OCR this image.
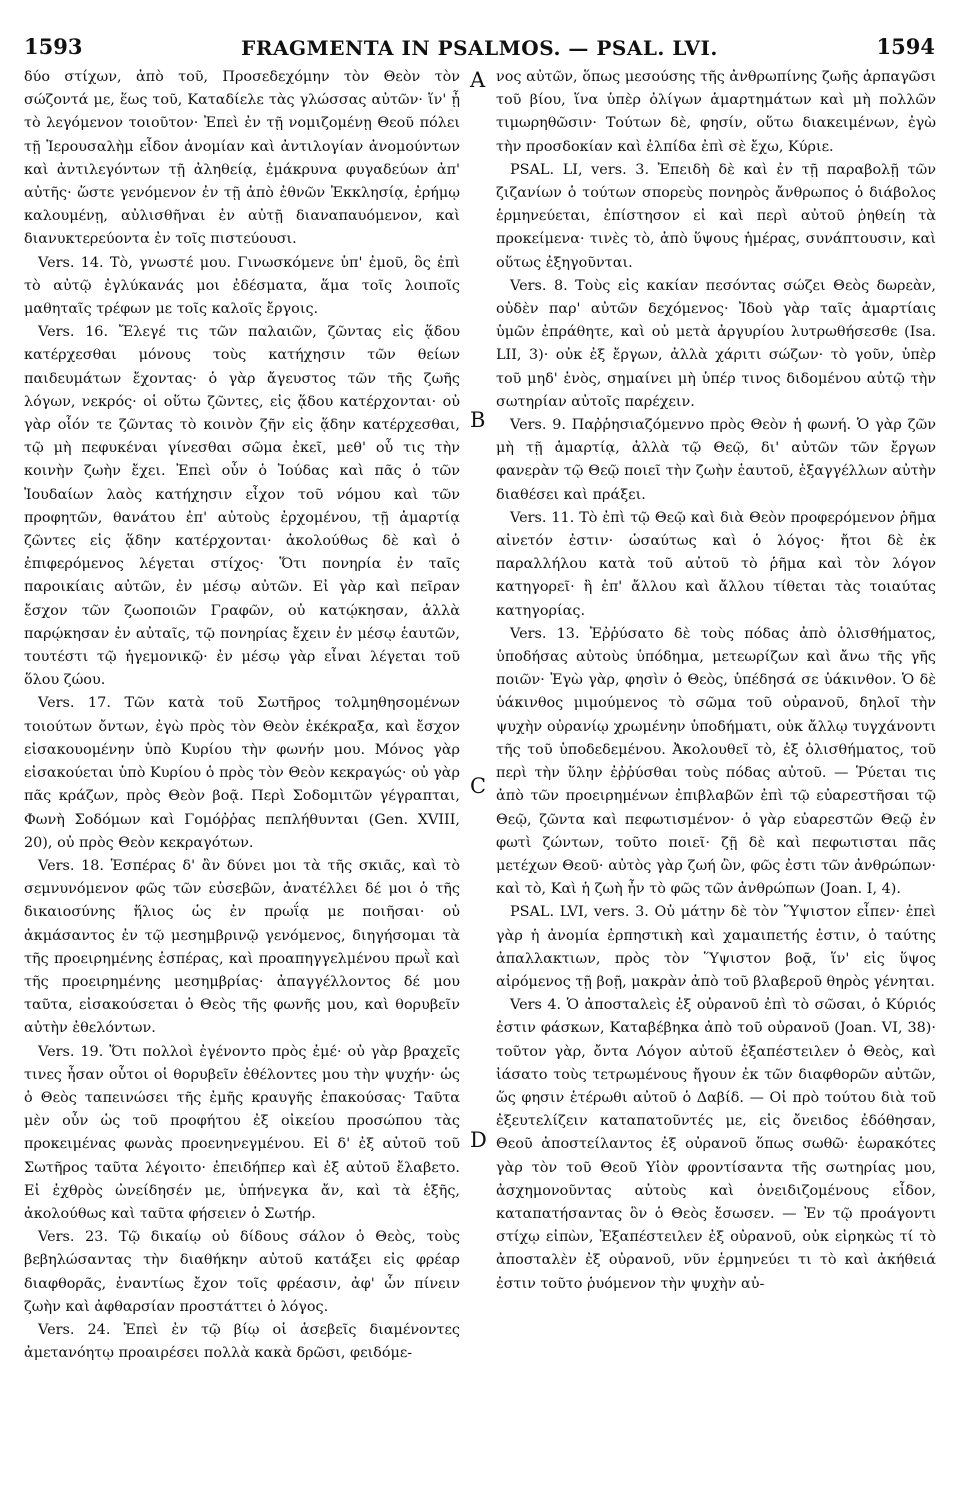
1593	FRAGMENTA IN PSALMOS. — PSAL. LVI.	1594

δύο στίχων, ἀπὸ τοῦ, Προσεδεχόμην τὸν Θεὸν τὸν σώζοντά με, ἕως τοῦ, Καταδίελε τὰς γλώσσας αὐτῶν· ἵν' ᾖ τὸ λεγόμενον τοιοῦτον· Ἐπεὶ ἐν τῇ νομιζομένῃ Θεοῦ πόλει τῇ Ἱερουσαλὴμ εἶδον ἀνομίαν καὶ ἀντιλογίαν ἀνομούντων καὶ ἀντιλεγόντων τῇ ἀληθείᾳ, ἐμάκρυνα φυγαδεύων ἀπ' αὐτῆς· ὥστε γενόμενον ἐν τῇ ἀπὸ ἐθνῶν Ἐκκλησίᾳ, ἐρήμῳ καλουμένῃ, αὐλισθῆναι ἐν αὐτῇ διαναπαυόμενον, καὶ διανυκτερεύοντα ἐν τοῖς πιστεύουσι.

Vers. 14. Τὸ, γνωστέ μου. Γινωσκόμενε ὑπ' ἐμοῦ, ὃς ἐπὶ τὸ αὐτῷ ἐγλύκανάς μοι ἐδέσματα, ἅμα τοῖς λοιποῖς μαθηταῖς τρέφων με τοῖς καλοῖς ἔργοις.

Vers. 16. Ἔλεγέ τις τῶν παλαιῶν, ζῶντας εἰς ᾅδου κατέρχεσθαι μόνους τοὺς κατήχησιν τῶν θείων παιδευμάτων ἔχοντας· ὁ γὰρ ἄγευστος τῶν τῆς ζωῆς λόγων, νεκρός· οἱ οὕτω ζῶντες, εἰς ᾅδου κατέρχονται· οὐ γὰρ οἷόν τε ζῶντας τὸ κοινὸν ζῆν εἰς ᾅδην κατέρχεσθαι, τῷ μὴ πεφυκέναι γίνεσθαι σῶμα ἐκεῖ, μεθ' οὗ τις τὴν κοινὴν ζωὴν ἔχει. Ἐπεὶ οὖν ὁ Ἰούδας καὶ πᾶς ὁ τῶν Ἰουδαίων λαὸς κατήχησιν εἶχον τοῦ νόμου καὶ τῶν προφητῶν, θανάτου ἐπ' αὐτοὺς ἐρχομένου, τῇ ἁμαρτίᾳ ζῶντες εἰς ᾅδην κατέρχονται· ἀκολούθως δὲ καὶ ὁ ἐπιφερόμενος λέγεται στίχος· Ὅτι πονηρία ἐν ταῖς παροικίαις αὐτῶν, ἐν μέσῳ αὐτῶν. Εἰ γὰρ καὶ πεῖραν ἔσχον τῶν ζωοποιῶν Γραφῶν, οὐ κατῴκησαν, ἀλλὰ παρῴκησαν ἐν αὐταῖς, τῷ πονηρίας ἔχειν ἐν μέσῳ ἑαυτῶν, τουτέστι τῷ ἡγεμονικῷ· ἐν μέσῳ γὰρ εἶναι λέγεται τοῦ ὅλου ζώου.

Vers. 17. Τῶν κατὰ τοῦ Σωτῆρος τολμηθησομένων τοιούτων ὄντων, ἐγὼ πρὸς τὸν Θεὸν ἐκέκραξα, καὶ ἔσχον εἰσακουομένην ὑπὸ Κυρίου τὴν φωνήν μου. Μόνος γὰρ εἰσακούεται ὑπὸ Κυρίου ὁ πρὸς τὸν Θεὸν κεκραγώς· οὐ γὰρ πᾶς κράζων, πρὸς Θεὸν βοᾷ. Περὶ Σοδομιτῶν γέγραπται, Φωνὴ Σοδόμων καὶ Γομόῤῥας πεπλήθυνται (Gen. XVIII, 20), οὐ πρὸς Θεὸν κεκραγότων.

Vers. 18. Ἑσπέρας δ' ἂν δύνει μοι τὰ τῆς σκιᾶς, καὶ τὸ σεμνυνόμενον φῶς τῶν εὐσεβῶν, ἀνατέλλει δέ μοι ὁ τῆς δικαιοσύνης ἥλιος ὡς ἐν πρωΐᾳ με ποιῆσαι· οὐ ἀκμάσαντος ἐν τῷ μεσημβρινῷ γενόμενος, διηγήσομαι τὰ τῆς προειρημένης ἑσπέρας, καὶ προαπηγγελμένου πρωῒ καὶ τῆς προειρημένης μεσημβρίας· ἀπαγγέλλοντος δέ μου ταῦτα, εἰσακούσεται ὁ Θεὸς τῆς φωνῆς μου, καὶ θορυβεῖν αὐτὴν ἐθελόντων.

Vers. 19. Ὅτι πολλοὶ ἐγένοντο πρὸς ἐμέ· οὐ γὰρ βραχεῖς τινες ἦσαν οὗτοι οἱ θορυβεῖν ἐθέλοντες μου τὴν ψυχήν· ὡς ὁ Θεὸς ταπεινώσει τῆς ἐμῆς κραυγῆς ἐπακούσας· Ταῦτα μὲν οὖν ὡς τοῦ προφήτου ἐξ οἰκείου προσώπου τὰς προκειμένας φωνὰς προενηνεγμένου. Εἰ δ' ἐξ αὐτοῦ τοῦ Σωτῆρος ταῦτα λέγοιτο· ἐπειδήπερ καὶ ἐξ αὐτοῦ ἔλαβετο. Εἰ ἐχθρὸς ὠνείδησέν με, ὑπήνεγκα ἄν, καὶ τὰ ἑξῆς, ἀκολούθως καὶ ταῦτα φήσειεν ὁ Σωτήρ.

Vers. 23. Τῷ δικαίῳ οὐ δίδους σάλον ὁ Θεὸς, τοὺς βεβηλώσαντας τὴν διαθήκην αὐτοῦ κατάξει εἰς φρέαρ διαφθορᾶς, ἐναντίως ἔχον τοῖς φρέασιν, ἀφ' ὧν πίνειν ζωὴν καὶ ἀφθαρσίαν προστάττει ὁ λόγος.

Vers. 24. Ἐπεὶ ἐν τῷ βίῳ οἱ ἀσεβεῖς διαμένοντες ἀμετανόητῳ προαιρέσει πολλὰ κακὰ δρῶσι, φειδόμε-

A
B
C
D

νος αὐτῶν, ὅπως μεσούσης τῆς ἀνθρωπίνης ζωῆς ἁρπαγῶσι τοῦ βίου, ἵνα ὑπὲρ ὀλίγων ἁμαρτημάτων καὶ μὴ πολλῶν τιμωρηθῶσιν· Τούτων δὲ, φησίν, οὕτω διακειμένων, ἐγὼ τὴν προσδοκίαν καὶ ἐλπίδα ἐπὶ σὲ ἔχω, Κύριε.

PSAL. LI, vers. 3. Ἐπειδὴ δὲ καὶ ἐν τῇ παραβολῇ τῶν ζιζανίων ὁ τούτων σπορεὺς πονηρὸς ἄνθρωπος ὁ διάβολος ἑρμηνεύεται, ἐπίστησον εἰ καὶ περὶ αὐτοῦ ῥηθείη τὰ προκείμενα· τινὲς τὸ, ἀπὸ ὕψους ἡμέρας, συνάπτουσιν, καὶ οὕτως ἐξηγοῦνται.

Vers. 8. Τοὺς εἰς κακίαν πεσόντας σώζει Θεὸς δωρεὰν, οὐδὲν παρ' αὐτῶν δεχόμενος· Ἰδοὺ γὰρ ταῖς ἁμαρτίαις ὑμῶν ἐπράθητε, καὶ οὐ μετὰ ἀργυρίου λυτρωθήσεσθε (Isa. LII, 3)· οὐκ ἐξ ἔργων, ἀλλὰ χάριτι σώζων· τὸ γοῦν, ὑπὲρ τοῦ μηδ' ἑνὸς, σημαίνει μὴ ὑπέρ τινος διδομένου αὐτῷ τὴν σωτηρίαν αὐτοῖς παρέχειν.

Vers. 9. Παῤῥησιαζόμεννο πρὸς Θεὸν ἡ φωνή. Ὁ γὰρ ζῶν μὴ τῇ ἁμαρτίᾳ, ἀλλὰ τῷ Θεῷ, δι' αὐτῶν τῶν ἔργων φανερὰν τῷ Θεῷ ποιεῖ τὴν ζωὴν ἑαυτοῦ, ἐξαγγέλλων αὐτὴν διαθέσει καὶ πράξει.

Vers. 11. Τὸ ἐπὶ τῷ Θεῷ καὶ διὰ Θεὸν προφερόμενον ῥῆμα αἰνετόν ἐστιν· ὡσαύτως καὶ ὁ λόγος· ἤτοι δὲ ἐκ παραλλήλου κατὰ τοῦ αὐτοῦ τὸ ῥῆμα καὶ τὸν λόγον κατηγορεῖ· ἢ ἐπ' ἄλλου καὶ ἄλλου τίθεται τὰς τοιαύτας κατηγορίας.

Vers. 13. Ἐῤῥύσατο δὲ τοὺς πόδας ἀπὸ ὀλισθήματος, ὑποδήσας αὐτοὺς ὑπόδημα, μετεωρίζων καὶ ἄνω τῆς γῆς ποιῶν· Ἐγὼ γὰρ, φησὶν ὁ Θεὸς, ὑπέδησά σε ὑάκινθον. Ὁ δὲ ὑάκινθος μιμούμενος τὸ σῶμα τοῦ οὐρανοῦ, δηλοῖ τὴν ψυχὴν οὐρανίῳ χρωμένην ὑποδήματι, οὐκ ἄλλῳ τυγχάνοντι τῆς τοῦ ὑποδεδεμένου. Ἀκολουθεῖ τὸ, ἐξ ὀλισθήματος, τοῦ περὶ τὴν ὕλην ἐῤῥύσθαι τοὺς πόδας αὐτοῦ. — Ῥύεται τις ἀπὸ τῶν προειρημένων ἐπιβλαβῶν ἐπὶ τῷ εὐαρεστῆσαι τῷ Θεῷ, ζῶντα καὶ πεφωτισμένον· ὁ γὰρ εὐαρεστῶν Θεῷ ἐν φωτὶ ζώντων, τοῦτο ποιεῖ· ζῇ δὲ καὶ πεφωτισται πᾶς μετέχων Θεοῦ· αὐτὸς γὰρ ζωή ὢν, φῶς ἐστι τῶν ἀνθρώπων· καὶ τὸ, Καὶ ἡ ζωὴ ἦν τὸ φῶς τῶν ἀνθρώπων (Joan. I, 4).

PSAL. LVI, vers. 3. Οὐ μάτην δὲ τὸν Ὕψιστον εἶπεν· ἐπεὶ γὰρ ἡ ἀνομία ἐρπηστικὴ καὶ χαμαιπετής ἐστιν, ὁ ταύτης ἀπαλλακτιων, πρὸς τὸν Ὕψιστον βοᾷ, ἵν' εἰς ὕψος αἰρόμενος τῇ βοῇ, μακρὰν ἀπὸ τοῦ βλαβεροῦ θηρὸς γένηται.

Vers 4. Ὁ ἀποσταλεὶς ἐξ οὐρανοῦ ἐπὶ τὸ σῶσαι, ὁ Κύριός ἐστιν φάσκων, Καταβέβηκα ἀπὸ τοῦ οὐρανοῦ (Joan. VI, 38)· τοῦτον γὰρ, ὄντα Λόγον αὐτοῦ ἐξαπέστειλεν ὁ Θεὸς, καὶ ἰάσατο τοὺς τετρωμένους ἤγουν ἐκ τῶν διαφθορῶν αὐτῶν, ὥς φησιν ἑτέρωθι αὐτοῦ ὁ Δαβίδ. — Οἱ πρὸ τούτου διὰ τοῦ ἐξευτελίζειν καταπατοῦντές με, εἰς ὄνειδος ἐδόθησαν, Θεοῦ ἀποστείλαντος ἐξ οὐρανοῦ ὅπως σωθῶ· ἑωρακότες γὰρ τὸν τοῦ Θεοῦ Υἱὸν φροντίσαντα τῆς σωτηρίας μου, ἀσχημονοῦντας αὐτοὺς καὶ ὀνειδιζομένους εἶδον, καταπατήσαντας ὃν ὁ Θεὸς ἔσωσεν. — Ἐν τῷ προάγοντι στίχῳ εἰπὼν, Ἐξαπέστειλεν ἐξ οὐρανοῦ, οὐκ εἰρηκὼς τί τὸ ἀποσταλὲν ἐξ οὐρανοῦ, νῦν ἑρμηνεύει τι τὸ καὶ ἀκήθειά ἐστιν τοῦτο ῥυόμενον τὴν ψυχὴν αὐ-
